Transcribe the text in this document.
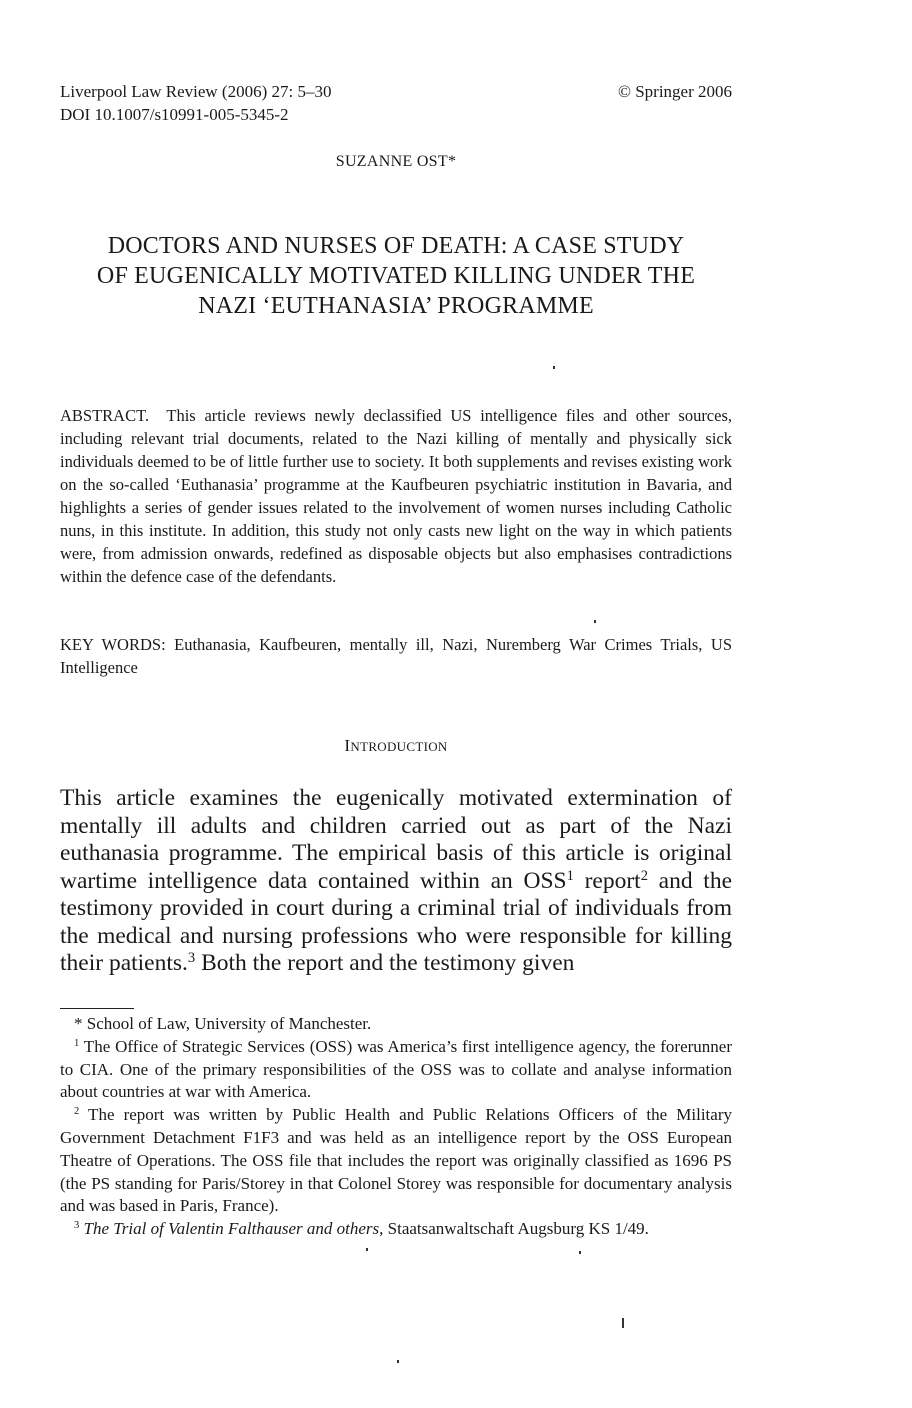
Liverpool Law Review (2006) 27: 5–30
DOI 10.1007/s10991-005-5345-2
© Springer 2006
SUZANNE OST*
DOCTORS AND NURSES OF DEATH: A CASE STUDY
OF EUGENICALLY MOTIVATED KILLING UNDER THE
NAZI ‘EUTHANASIA’ PROGRAMME
ABSTRACT. This article reviews newly declassified US intelligence files and other sources, including relevant trial documents, related to the Nazi killing of mentally and physically sick individuals deemed to be of little further use to society. It both supplements and revises existing work on the so-called ‘Euthanasia’ programme at the Kaufbeuren psychiatric institution in Bavaria, and highlights a series of gender issues related to the involvement of women nurses including Catholic nuns, in this institute. In addition, this study not only casts new light on the way in which patients were, from admission onwards, redefined as disposable objects but also emphasises contradictions within the defence case of the defendants.
KEY WORDS: Euthanasia, Kaufbeuren, mentally ill, Nazi, Nuremberg War Crimes Trials, US Intelligence
INTRODUCTION
This article examines the eugenically motivated extermination of mentally ill adults and children carried out as part of the Nazi euthanasia programme. The empirical basis of this article is original wartime intelligence data contained within an OSS$^1$ report$^2$ and the testimony provided in court during a criminal trial of individuals from the medical and nursing professions who were responsible for killing their patients.$^3$ Both the report and the testimony given

* School of Law, University of Manchester.

$^1$ The Office of Strategic Services (OSS) was America’s first intelligence agency, the forerunner to CIA. One of the primary responsibilities of the OSS was to collate and analyse information about countries at war with America.

$^2$ The report was written by Public Health and Public Relations Officers of the Military Government Detachment F1F3 and was held as an intelligence report by the OSS European Theatre of Operations. The OSS file that includes the report was originally classified as 1696 PS (the PS standing for Paris/Storey in that Colonel Storey was responsible for documentary analysis and was based in Paris, France).

$^3$ The Trial of Valentin Falthauser and others, Staatsanwaltschaft Augsburg KS 1/49.
